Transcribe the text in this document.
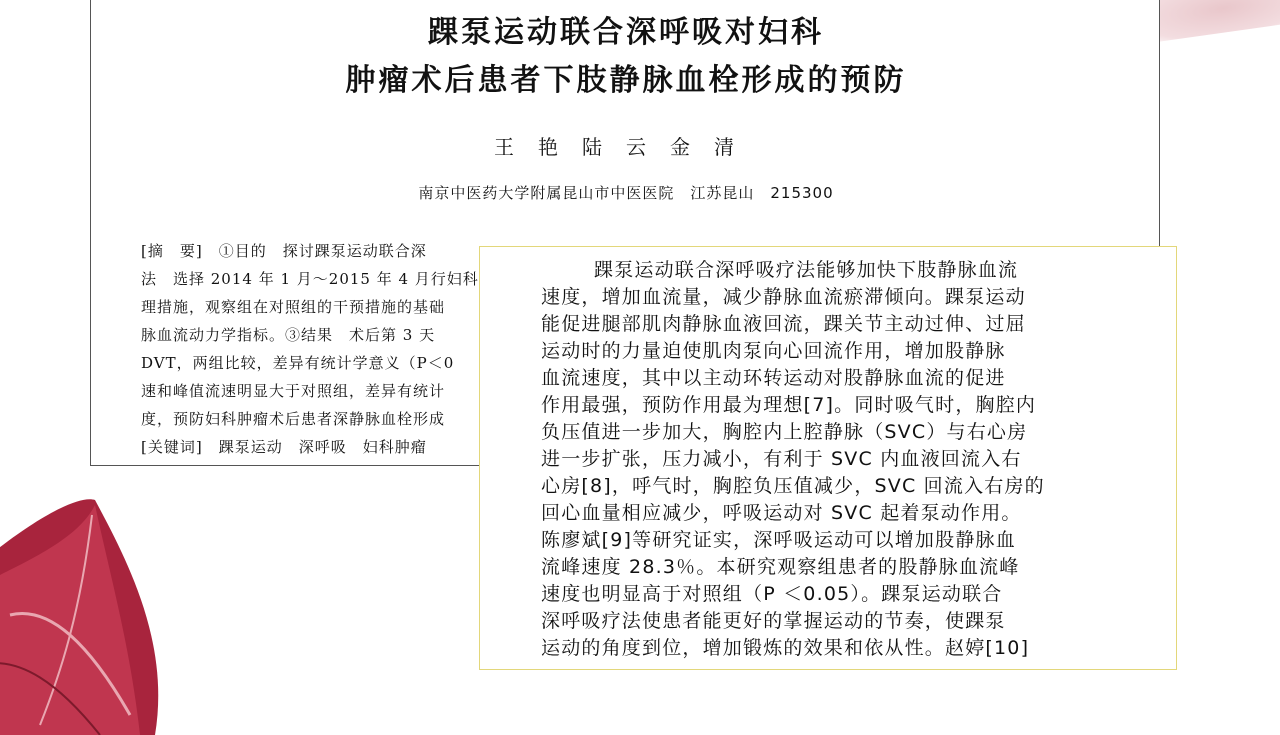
踝泵运动联合深呼吸对妇科
肿瘤术后患者下肢静脉血栓形成的预防
王艳陆云金清
南京中医药大学附属昆山市中医医院　江苏昆山　215300
[摘　要]　①目的　探讨踝泵运动联合深
法　选择 2014 年 1 月～2015 年 4 月行妇科
理措施，观察组在对照组的干预措施的基础
脉血流动力学指标。③结果　术后第 3 天
DVT，两组比较，差异有统计学意义（P＜0
速和峰值流速明显大于对照组，差异有统计
度，预防妇科肿瘤术后患者深静脉血栓形成
[关键词]　踝泵运动　深呼吸　妇科肿瘤
踝泵运动联合深呼吸疗法能够加快下肢静脉血流
速度，增加血流量，减少静脉血流瘀滞倾向。踝泵运动
能促进腿部肌肉静脉血液回流，踝关节主动过伸、过屈
运动时的力量迫使肌肉泵向心回流作用，增加股静脉
血流速度，其中以主动环转运动对股静脉血流的促进
作用最强，预防作用最为理想[7]。同时吸气时，胸腔内
负压值进一步加大，胸腔内上腔静脉（SVC）与右心房
进一步扩张，压力减小，有利于 SVC 内血液回流入右
心房[8]，呼气时，胸腔负压值减少，SVC 回流入右房的
回心血量相应减少，呼吸运动对 SVC 起着泵动作用。
陈廖斌[9]等研究证实，深呼吸运动可以增加股静脉血
流峰速度 28.3％。本研究观察组患者的股静脉血流峰
速度也明显高于对照组（P ＜0.05）。踝泵运动联合
深呼吸疗法使患者能更好的掌握运动的节奏，使踝泵
运动的角度到位，增加锻炼的效果和依从性。赵婷[10]
